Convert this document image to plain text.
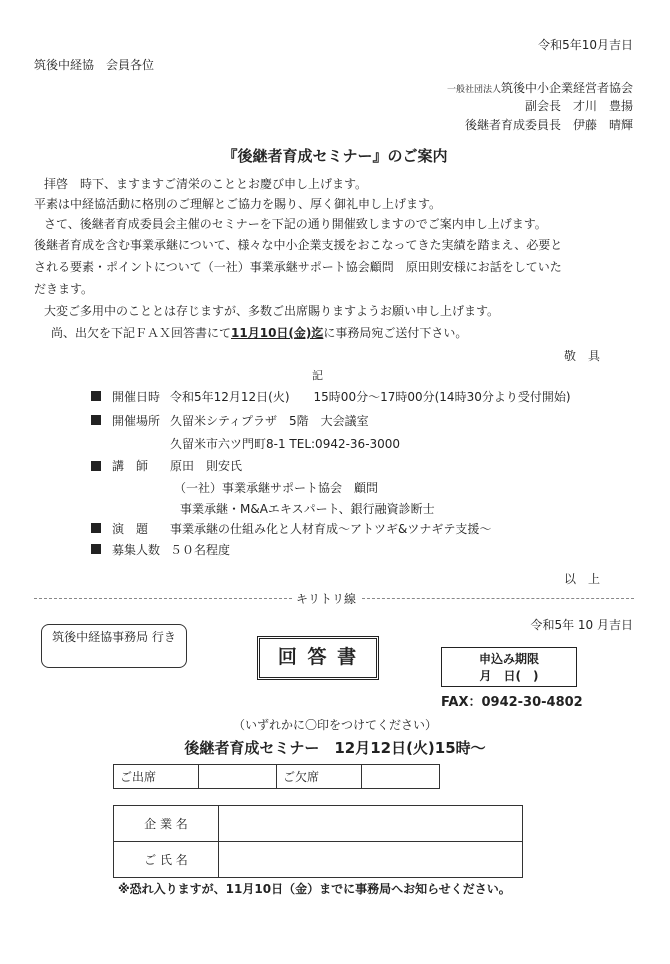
令和5年10月吉日
筑後中経協　会員各位
一般社団法人筑後中小企業経営者協会
副会長　才川　豊揚
後継者育成委員長　伊藤　晴輝
『後継者育成セミナー』のご案内
拝啓　時下、ますますご清栄のこととお慶び申し上げます。
平素は中経協活動に格別のご理解とご協力を賜り、厚く御礼申し上げます。
さて、後継者育成委員会主催のセミナーを下記の通り開催致しますのでご案内申し上げます。
後継者育成を含む事業承継について、様々な中小企業支援をおこなってきた実績を踏まえ、必要と
される要素・ポイントについて（一社）事業承継サポート協会顧問　原田則安様にお話をしていた
だきます。
大変ご多用中のこととは存じますが、多数ご出席賜りますようお願い申し上げます。
尚、出欠を下記ＦＡＸ回答書にて11月10日(金)迄に事務局宛ご送付下さい。
敬　具
記
開催日時 令和5年12月12日(火)　　15時00分～17時00分(14時30分より受付開始)
開催場所 久留米シティプラザ　5階　大会議室
久留米市六ツ門町8-1 TEL:0942-36-3000
講　師 原田　則安氏
（一社）事業承継サポート協会　顧問
事業承継・M&Aエキスパート、銀行融資診断士
演　題 事業承継の仕組み化と人材育成～アトツギ&ツナギテ支援～
募集人数 ５０名程度
以　上
キリトリ線
令和5年 10 月吉日
筑後中経協事務局 行き
回 答 書	申込み期限
月　日(　)
FAX：0942-30-4802
（いずれかに〇印をつけてください）
後継者育成セミナー　12月12日(火)15時～
ご出席		ご欠席	
企 業 名	
ご 氏 名	
※恐れ入りますが、11月10日（金）までに事務局へお知らせください。
